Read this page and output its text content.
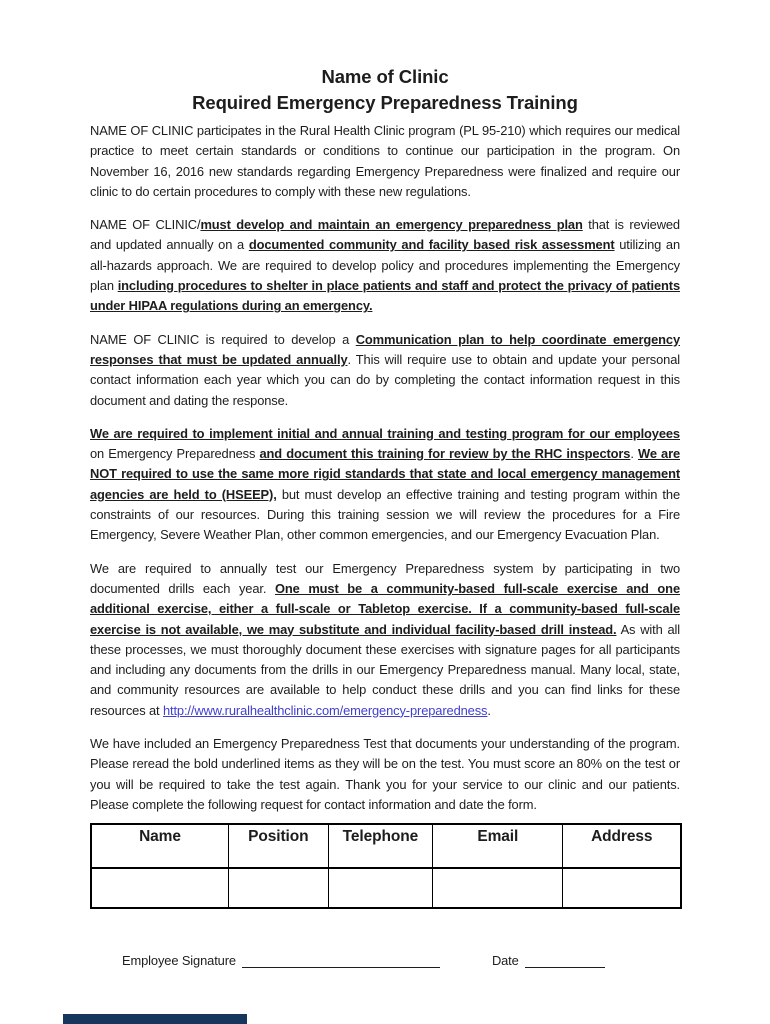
Name of Clinic
Required Emergency Preparedness Training

NAME OF CLINIC participates in the Rural Health Clinic program (PL 95-210) which requires our medical practice to meet certain standards or conditions to continue our participation in the program. On November 16, 2016 new standards regarding Emergency Preparedness were finalized and require our clinic to do certain procedures to comply with these new regulations.

NAME OF CLINIC/must develop and maintain an emergency preparedness plan that is reviewed and updated annually on a documented community and facility based risk assessment utilizing an all-hazards approach. We are required to develop policy and procedures implementing the Emergency plan including procedures to shelter in place patients and staff and protect the privacy of patients under HIPAA regulations during an emergency.

NAME OF CLINIC is required to develop a Communication plan to help coordinate emergency responses that must be updated annually. This will require use to obtain and update your personal contact information each year which you can do by completing the contact information request in this document and dating the response.

We are required to implement initial and annual training and testing program for our employees on Emergency Preparedness and document this training for review by the RHC inspectors. We are NOT required to use the same more rigid standards that state and local emergency management agencies are held to (HSEEP), but must develop an effective training and testing program within the constraints of our resources. During this training session we will review the procedures for a Fire Emergency, Severe Weather Plan, other common emergencies, and our Emergency Evacuation Plan.

We are required to annually test our Emergency Preparedness system by participating in two documented drills each year. One must be a community-based full-scale exercise and one additional exercise, either a full-scale or Tabletop exercise. If a community-based full-scale exercise is not available, we may substitute and individual facility-based drill instead. As with all these processes, we must thoroughly document these exercises with signature pages for all participants and including any documents from the drills in our Emergency Preparedness manual. Many local, state, and community resources are available to help conduct these drills and you can find links for these resources at http://www.ruralhealthclinic.com/emergency-preparedness.

We have included an Emergency Preparedness Test that documents your understanding of the program. Please reread the bold underlined items as they will be on the test. You must score an 80% on the test or you will be required to take the test again. Thank you for your service to our clinic and our patients. Please complete the following request for contact information and date the form.

Name	Position	Telephone	Email	Address

Employee Signature	Date
